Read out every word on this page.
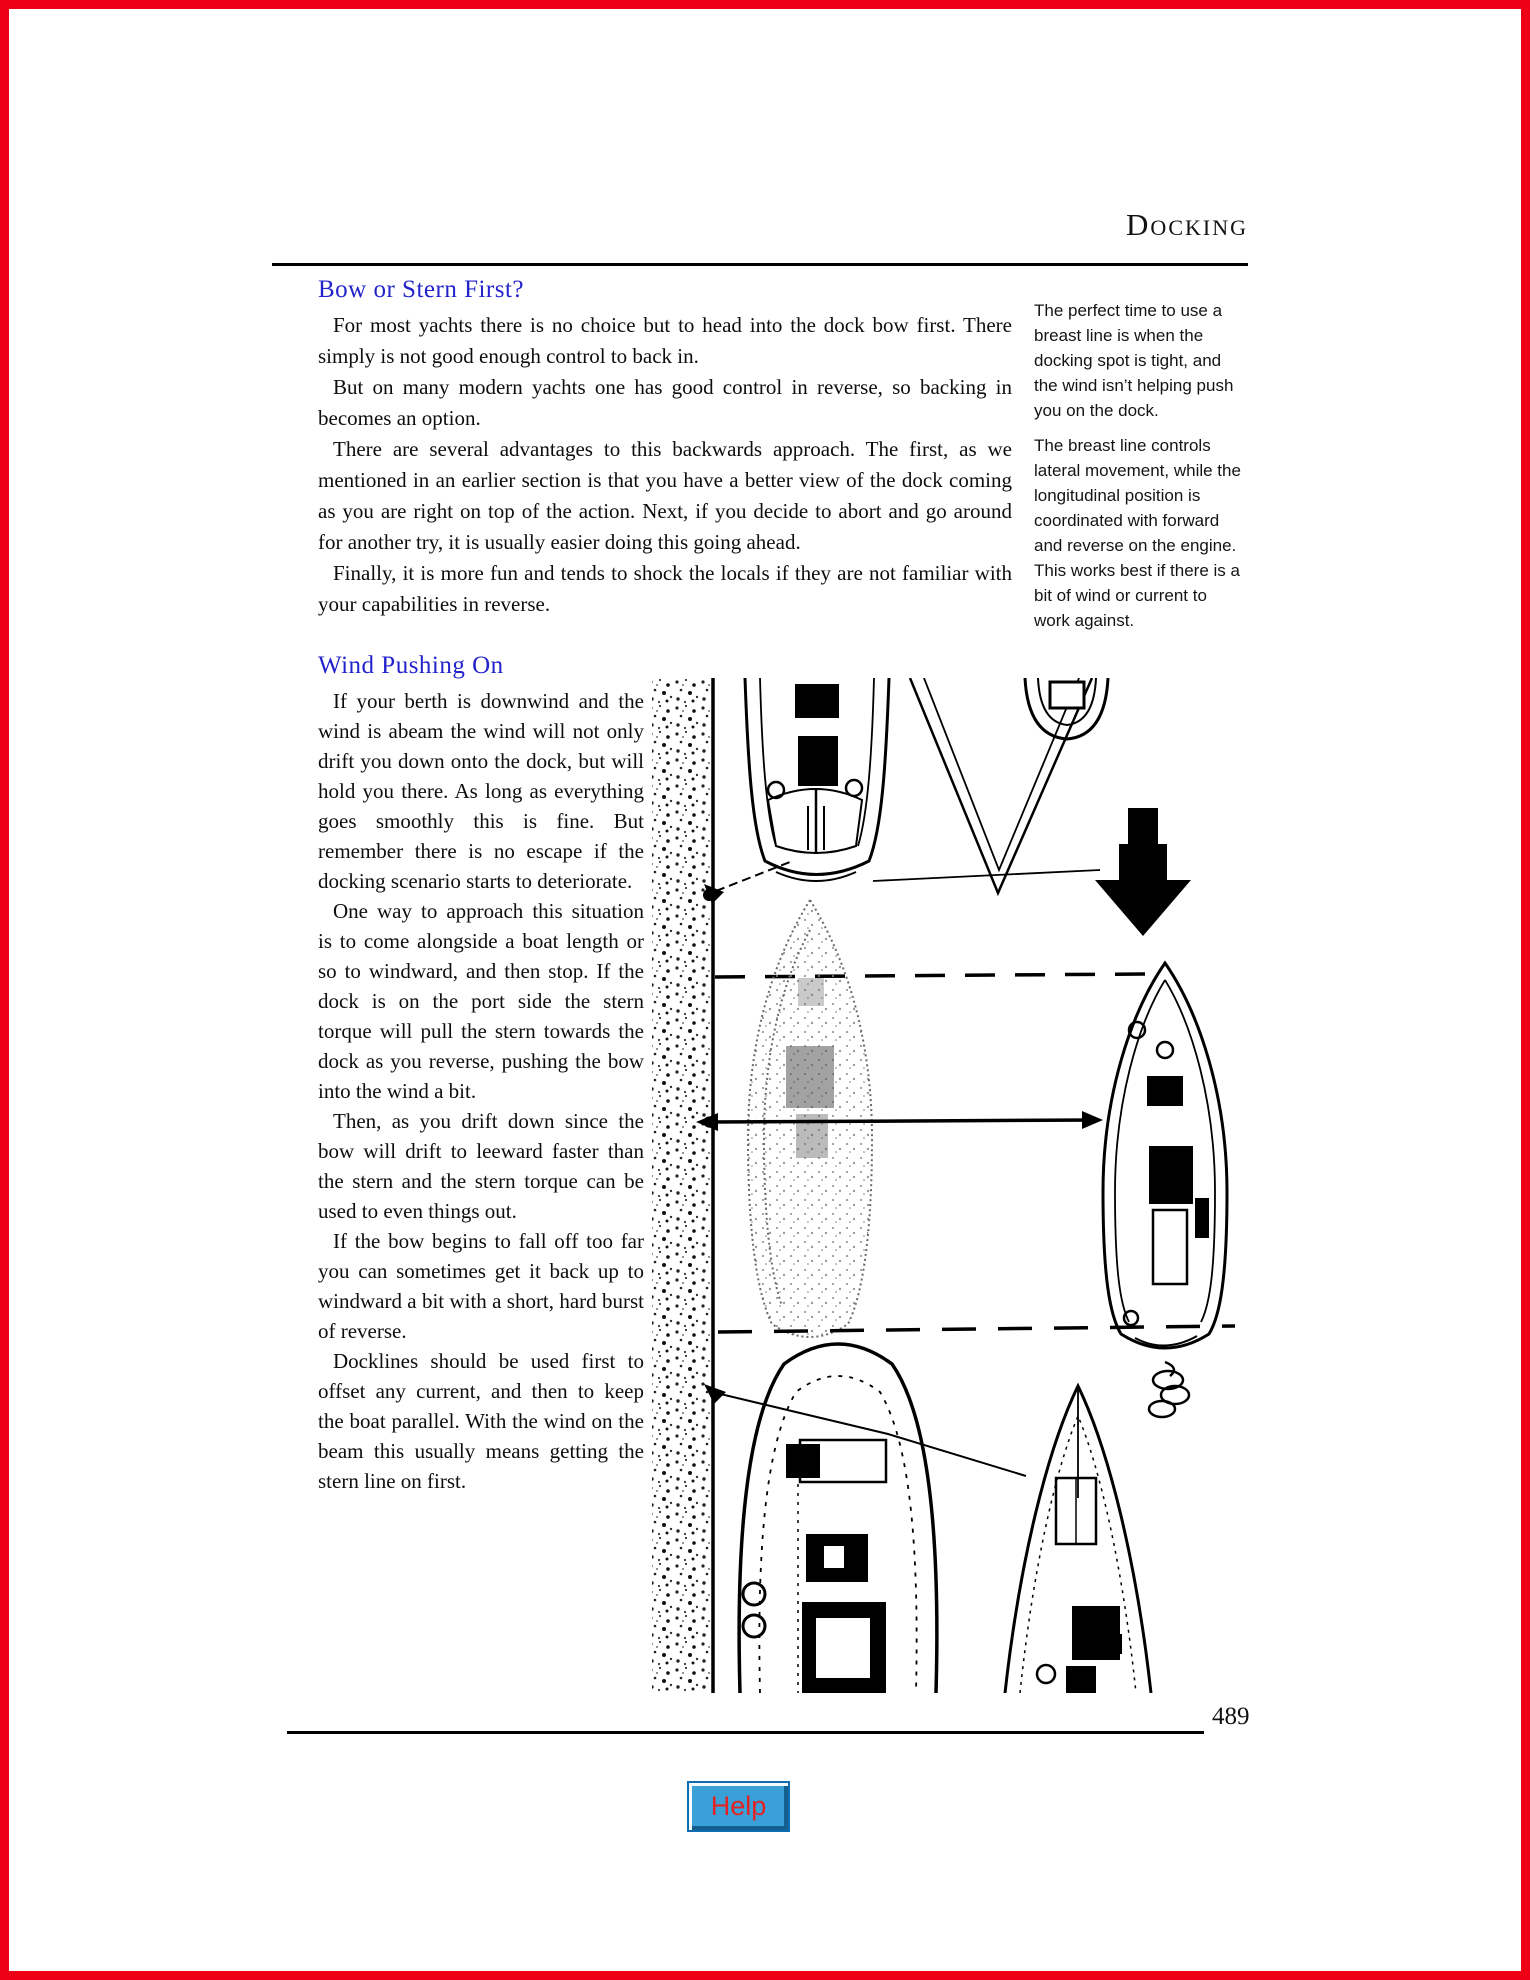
Docking
Bow or Stern First?

For most yachts there is no choice but to head into the dock bow first. There simply is not good enough control to back in.

But on many modern yachts one has good control in reverse, so backing in becomes an option.

There are several advantages to this backwards approach. The first, as we mentioned in an earlier section is that you have a better view of the dock coming as you are right on top of the action. Next, if you decide to abort and go around for another try, it is usually easier doing this going ahead.

Finally, it is more fun and tends to shock the locals if they are not familiar with your capabilities in reverse.

The perfect time to use a breast line is when the docking spot is tight, and the wind isn’t helping push you on the dock.

The breast line controls lateral movement, while the longitudinal position is coordinated with forward and reverse on the engine. This works best if there is a bit of wind or current to work against.

Wind Pushing On

If your berth is downwind and the wind is abeam the wind will not only drift you down onto the dock, but will hold you there. As long as everything goes smoothly this is fine. But remember there is no escape if the docking scenario starts to deteriorate.

One way to approach this situation is to come alongside a boat length or so to windward, and then stop. If the dock is on the port side the stern torque will pull the stern towards the dock as you reverse, pushing the bow into the wind a bit.

Then, as you drift down since the bow will drift to leeward faster than the stern and the stern torque can be used to even things out.

If the bow begins to fall off too far you can sometimes get it back up to windward a bit with a short, hard burst of reverse.

Docklines should be used first to offset any current, and then to keep the boat parallel. With the wind on the beam this usually means getting the stern line on first.

489
Help
